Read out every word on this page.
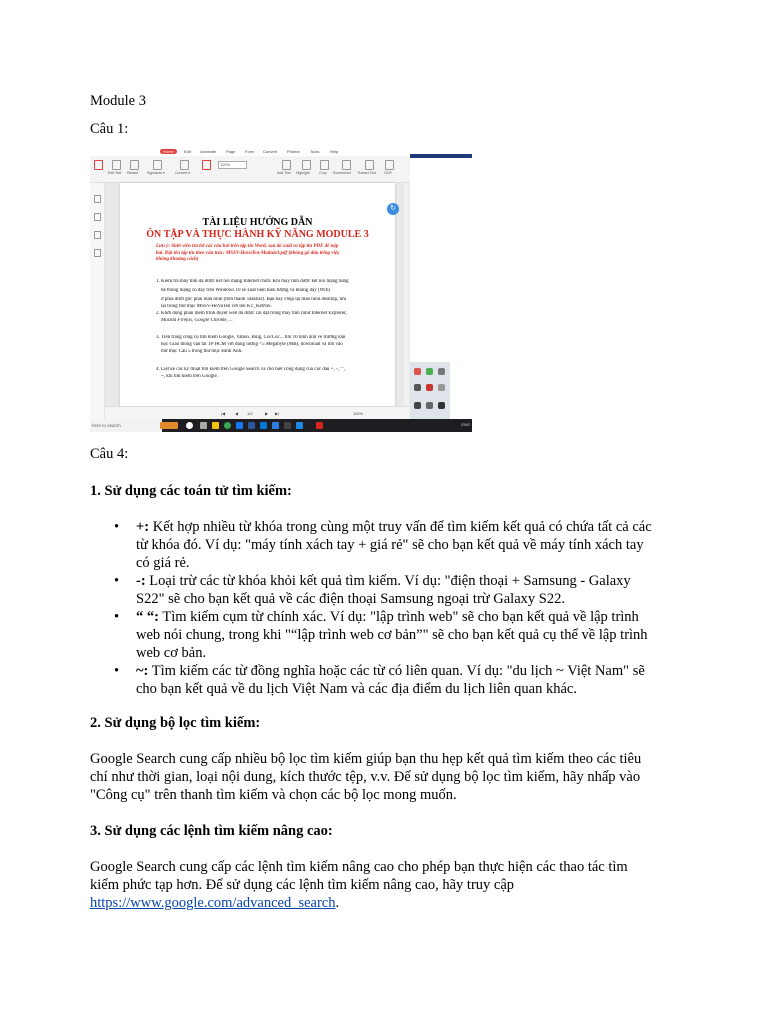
Module 3

Câu 1:

Home	Edit Annotate Page Form Convert Protect	Tools	Help
110%
Edit Text Redact	Signature ▾	Convert ▾	Add Text Highlight	Crop Screenshot Extract Text OCR
TÀI LIỆU HƯỚNG DẪN
ÔN TẬP VÀ THỰC HÀNH KỸ NĂNG MODULE 3
Lưu ý: Sinh viên trả lời các câu hỏi trên tập tin Word, sau đó xuất ra tập tin PDF để nộp
bài. Đặt tên tập tin theo cấu trúc: MSSV-HovaTen-Module3.pdf (không gõ dấu tiếng việt,
không khoảng cách)
1. Kiểm tra máy tính đã được kết nối mạng Internet chưa: Khi máy tính được kết nối mạng bằng
hệ thống mạng có dây trên Windows 10 sẽ xuất hiện biểu tượng và không dây (Wifi)
ở phía dưới góc phải màn hình (trên thanh Taskbar). Bạn hãy chụp lại màn hình desktop, lưu
lại trong thư mục MSSV-HoVaTen với tên KT_KetNoi.
2. Khởi động phần mềm trình duyệt web đã được cài đặt trong máy tính (như Internet Explorer,
Mozilla Firefox, Google Chrome, ...
3. Trên trang công cụ tìm kiếm Google, Yahoo, Bing, CocCoc... tìm 10 hình ảnh về trường Đại
học Giao thông vận tải TP HCM với dung lượng <5 Megabyte (MB), download và lưu vào
thư mục Cau 5 trong thư mục Hình Ảnh.
4. Liệt kê các kỹ thuật tìm kiếm trên Google Search và cho biết công dụng của các dấu +, -, "",
~, khi tìm kiếm trên Google.
↻
|◀ ◀ 1/2	▶ ▶|	110%
here to search	ENG

Câu 4:

1. Sử dụng các toán tử tìm kiếm:

• +: Kết hợp nhiều từ khóa trong cùng một truy vấn để tìm kiếm kết quả có chứa tất cả các
từ khóa đó. Ví dụ: "máy tính xách tay + giá rẻ" sẽ cho bạn kết quả về máy tính xách tay
có giá rẻ.
• -: Loại trừ các từ khóa khỏi kết quả tìm kiếm. Ví dụ: "điện thoại + Samsung - Galaxy
S22" sẽ cho bạn kết quả về các điện thoại Samsung ngoại trừ Galaxy S22.
• “ “: Tìm kiếm cụm từ chính xác. Ví dụ: "lập trình web" sẽ cho bạn kết quả về lập trình
web nói chung, trong khi "“lập trình web cơ bản”" sẽ cho bạn kết quả cụ thể về lập trình
web cơ bản.
• ~: Tìm kiếm các từ đồng nghĩa hoặc các từ có liên quan. Ví dụ: "du lịch ~ Việt Nam" sẽ
cho bạn kết quả về du lịch Việt Nam và các địa điểm du lịch liên quan khác.

2. Sử dụng bộ lọc tìm kiếm:

Google Search cung cấp nhiều bộ lọc tìm kiếm giúp bạn thu hẹp kết quả tìm kiếm theo các tiêu

chí như thời gian, loại nội dung, kích thước tệp, v.v. Để sử dụng bộ lọc tìm kiếm, hãy nhấp vào

"Công cụ" trên thanh tìm kiếm và chọn các bộ lọc mong muốn.

3. Sử dụng các lệnh tìm kiếm nâng cao:

Google Search cung cấp các lệnh tìm kiếm nâng cao cho phép bạn thực hiện các thao tác tìm

kiếm phức tạp hơn. Để sử dụng các lệnh tìm kiếm nâng cao, hãy truy cập

https://www.google.com/advanced_search.
